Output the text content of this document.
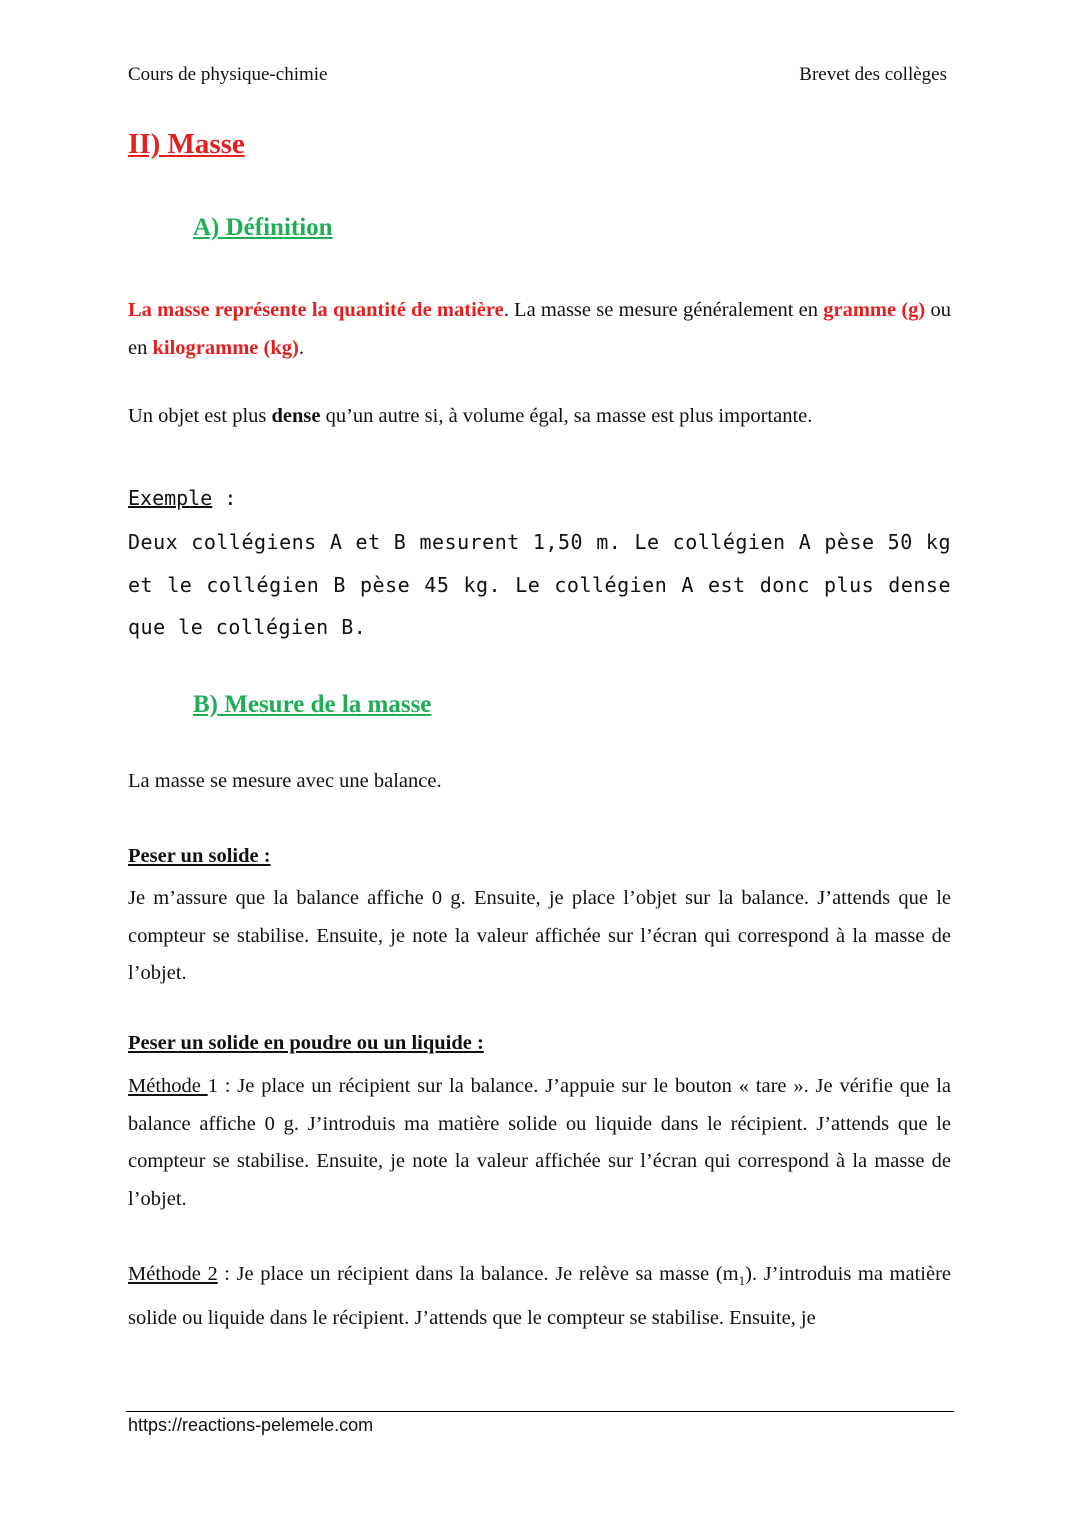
Cours de physique-chimie	Brevet des collèges
II) Masse
A) Définition
La masse représente la quantité de matière. La masse se mesure généralement en gramme (g) ou en kilogramme (kg).
Un objet est plus dense qu’un autre si, à volume égal, sa masse est plus importante.
Exemple :
Deux collégiens A et B mesurent 1,50 m. Le collégien A pèse 50 kg et le collégien B pèse 45 kg. Le collégien A est donc plus dense que le collégien B.
B) Mesure de la masse
La masse se mesure avec une balance.
Peser un solide :
Je m’assure que la balance affiche 0 g. Ensuite, je place l’objet sur la balance. J’attends que le compteur se stabilise. Ensuite, je note la valeur affichée sur l’écran qui correspond à la masse de l’objet.
Peser un solide en poudre ou un liquide :
Méthode 1 : Je place un récipient sur la balance. J’appuie sur le bouton « tare ». Je vérifie que la balance affiche 0 g. J’introduis ma matière solide ou liquide dans le récipient. J’attends que le compteur se stabilise. Ensuite, je note la valeur affichée sur l’écran qui correspond à la masse de l’objet.
Méthode 2 : Je place un récipient dans la balance. Je relève sa masse $(m_1)$. J’introduis ma matière solide ou liquide dans le récipient. J’attends que le compteur se stabilise. Ensuite, je
https://reactions-pelemele.com
